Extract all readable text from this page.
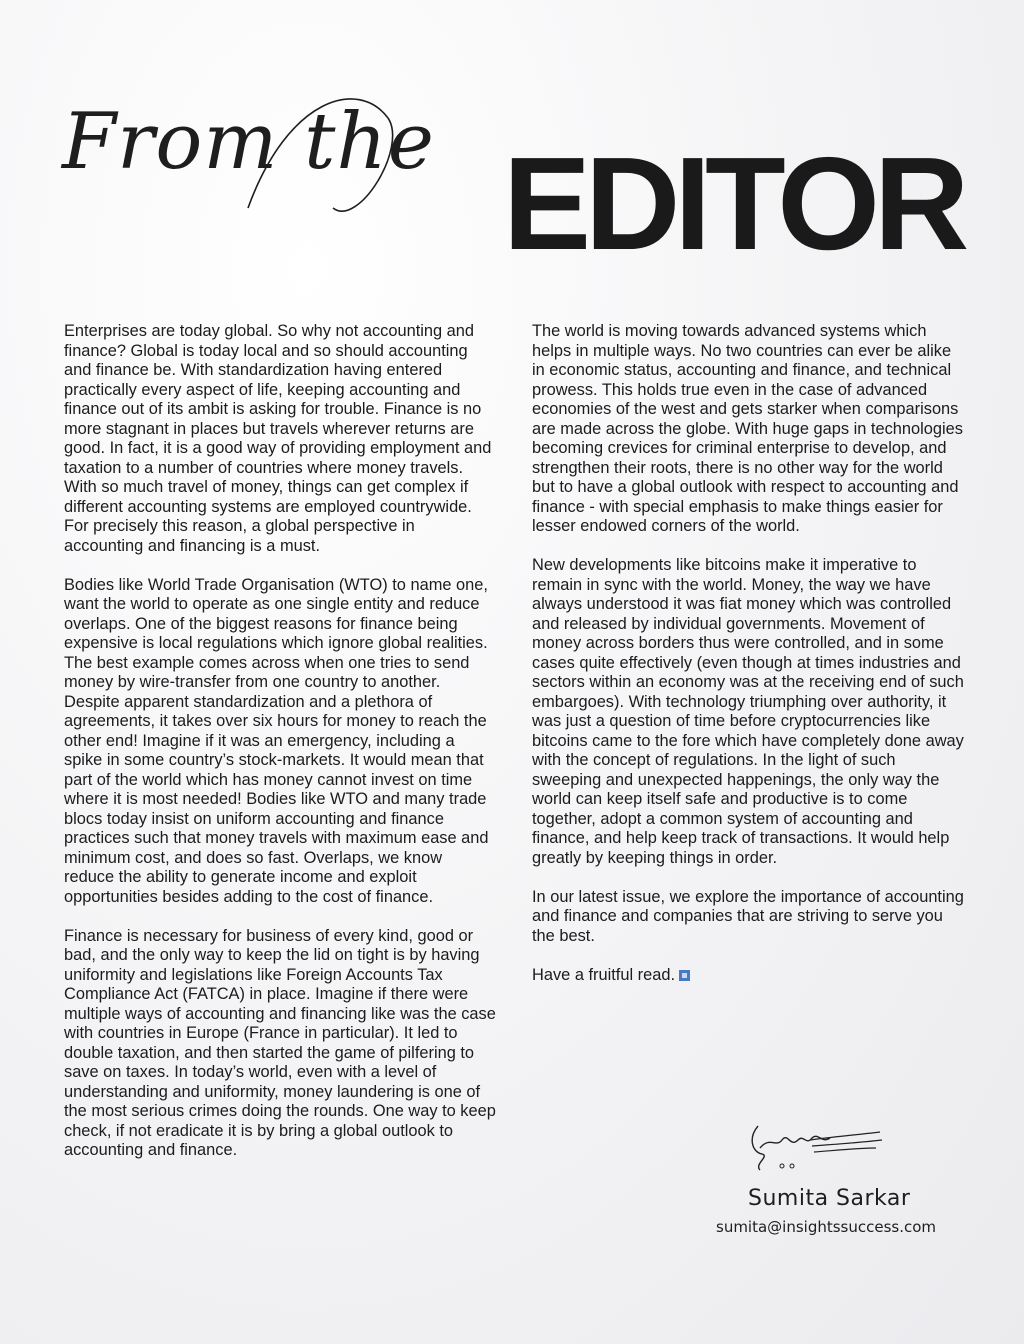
From the EDITOR

Enterprises are today global. So why not accounting and finance? Global is today local and so should accounting and finance be. With standardization having entered practically every aspect of life, keeping accounting and finance out of its ambit is asking for trouble. Finance is no more stagnant in places but travels wherever returns are good. In fact, it is a good way of providing employment and taxation to a number of countries where money travels. With so much travel of money, things can get complex if different accounting systems are employed countrywide. For precisely this reason, a global perspective in accounting and financing is a must.

Bodies like World Trade Organisation (WTO) to name one, want the world to operate as one single entity and reduce overlaps. One of the biggest reasons for finance being expensive is local regulations which ignore global realities. The best example comes across when one tries to send money by wire-transfer from one country to another. Despite apparent standardization and a plethora of agreements, it takes over six hours for money to reach the other end! Imagine if it was an emergency, including a spike in some country’s stock-markets. It would mean that part of the world which has money cannot invest on time where it is most needed! Bodies like WTO and many trade blocs today insist on uniform accounting and finance practices such that money travels with maximum ease and minimum cost, and does so fast. Overlaps, we know reduce the ability to generate income and exploit opportunities besides adding to the cost of finance.

Finance is necessary for business of every kind, good or bad, and the only way to keep the lid on tight is by having uniformity and legislations like Foreign Accounts Tax Compliance Act (FATCA) in place. Imagine if there were multiple ways of accounting and financing like was the case with countries in Europe (France in particular). It led to double taxation, and then started the game of pilfering to save on taxes. In today’s world, even with a level of understanding and uniformity, money laundering is one of the most serious crimes doing the rounds. One way to keep check, if not eradicate it is by bring a global outlook to accounting and finance.

The world is moving towards advanced systems which helps in multiple ways. No two countries can ever be alike in economic status, accounting and finance, and technical prowess. This holds true even in the case of advanced economies of the west and gets starker when comparisons are made across the globe. With huge gaps in technologies becoming crevices for criminal enterprise to develop, and strengthen their roots, there is no other way for the world but to have a global outlook with respect to accounting and finance - with special emphasis to make things easier for lesser endowed corners of the world.

New developments like bitcoins make it imperative to remain in sync with the world. Money, the way we have always understood it was fiat money which was controlled and released by individual governments. Movement of money across borders thus were controlled, and in some cases quite effectively (even though at times industries and sectors within an economy was at the receiving end of such embargoes). With technology triumphing over authority, it was just a question of time before cryptocurrencies like bitcoins came to the fore which have completely done away with the concept of regulations. In the light of such sweeping and unexpected happenings, the only way the world can keep itself safe and productive is to come together, adopt a common system of accounting and finance, and help keep track of transactions. It would help greatly by keeping things in order.

In our latest issue, we explore the importance of accounting and finance and companies that are striving to serve you the best.

Have a fruitful read.

Sumita Sarkar
sumita@insightssuccess.com
